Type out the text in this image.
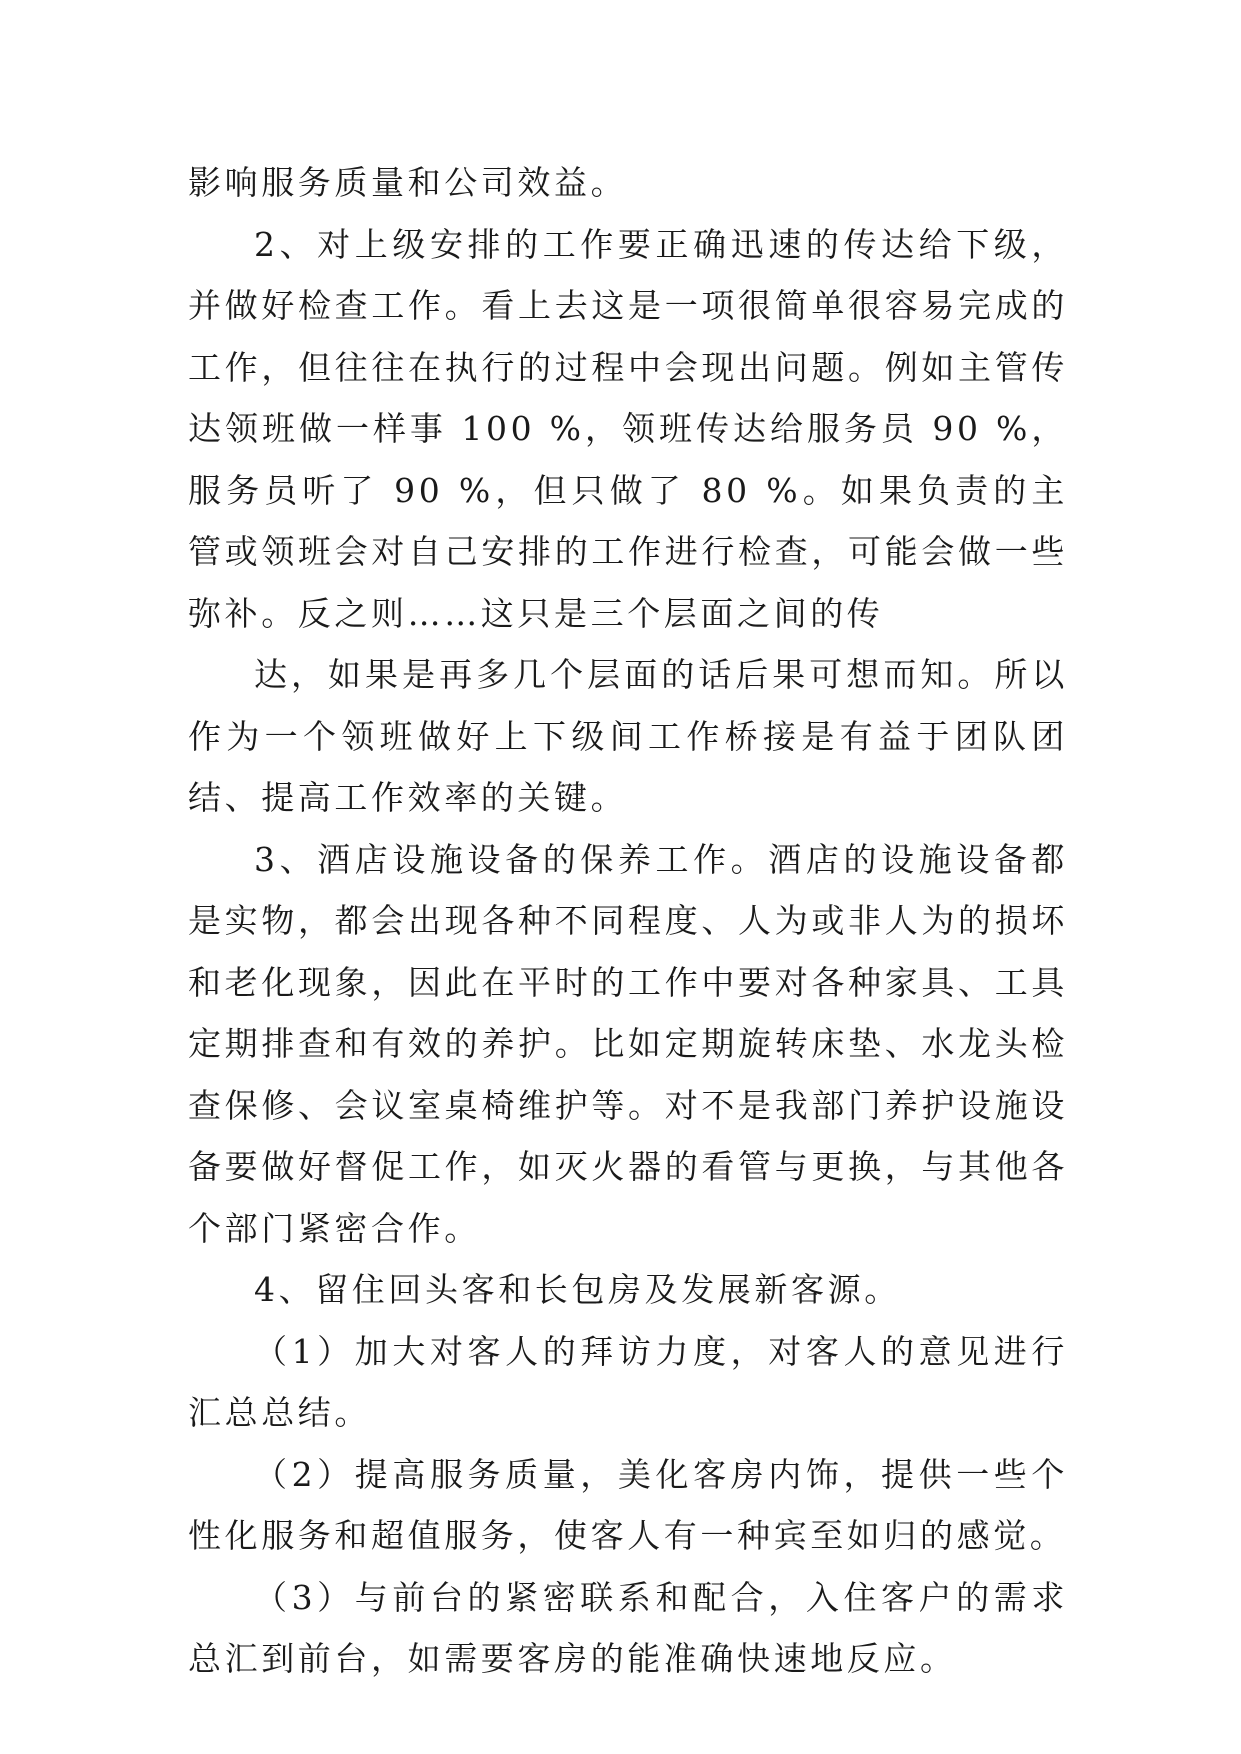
影响服务质量和公司效益。

2、对上级安排的工作要正确迅速的传达给下级，并做好检查工作。看上去这是一项很简单很容易完成的工作，但往往在执行的过程中会现出问题。例如主管传达领班做一样事 100 %，领班传达给服务员 90 %，服务员听了 90 %，但只做了 80 %。如果负责的主管或领班会对自己安排的工作进行检查，可能会做一些弥补。反之则……这只是三个层面之间的传

达，如果是再多几个层面的话后果可想而知。所以作为一个领班做好上下级间工作桥接是有益于团队团结、提高工作效率的关键。

3、酒店设施设备的保养工作。酒店的设施设备都是实物，都会出现各种不同程度、人为或非人为的损坏和老化现象，因此在平时的工作中要对各种家具、工具定期排查和有效的养护。比如定期旋转床垫、水龙头检查保修、会议室桌椅维护等。对不是我部门养护设施设备要做好督促工作，如灭火器的看管与更换，与其他各个部门紧密合作。

4、留住回头客和长包房及发展新客源。

（1）加大对客人的拜访力度，对客人的意见进行汇总总结。

（2）提高服务质量，美化客房内饰，提供一些个性化服务和超值服务，使客人有一种宾至如归的感觉。

（3）与前台的紧密联系和配合，入住客户的需求总汇到前台，如需要客房的能准确快速地反应。
